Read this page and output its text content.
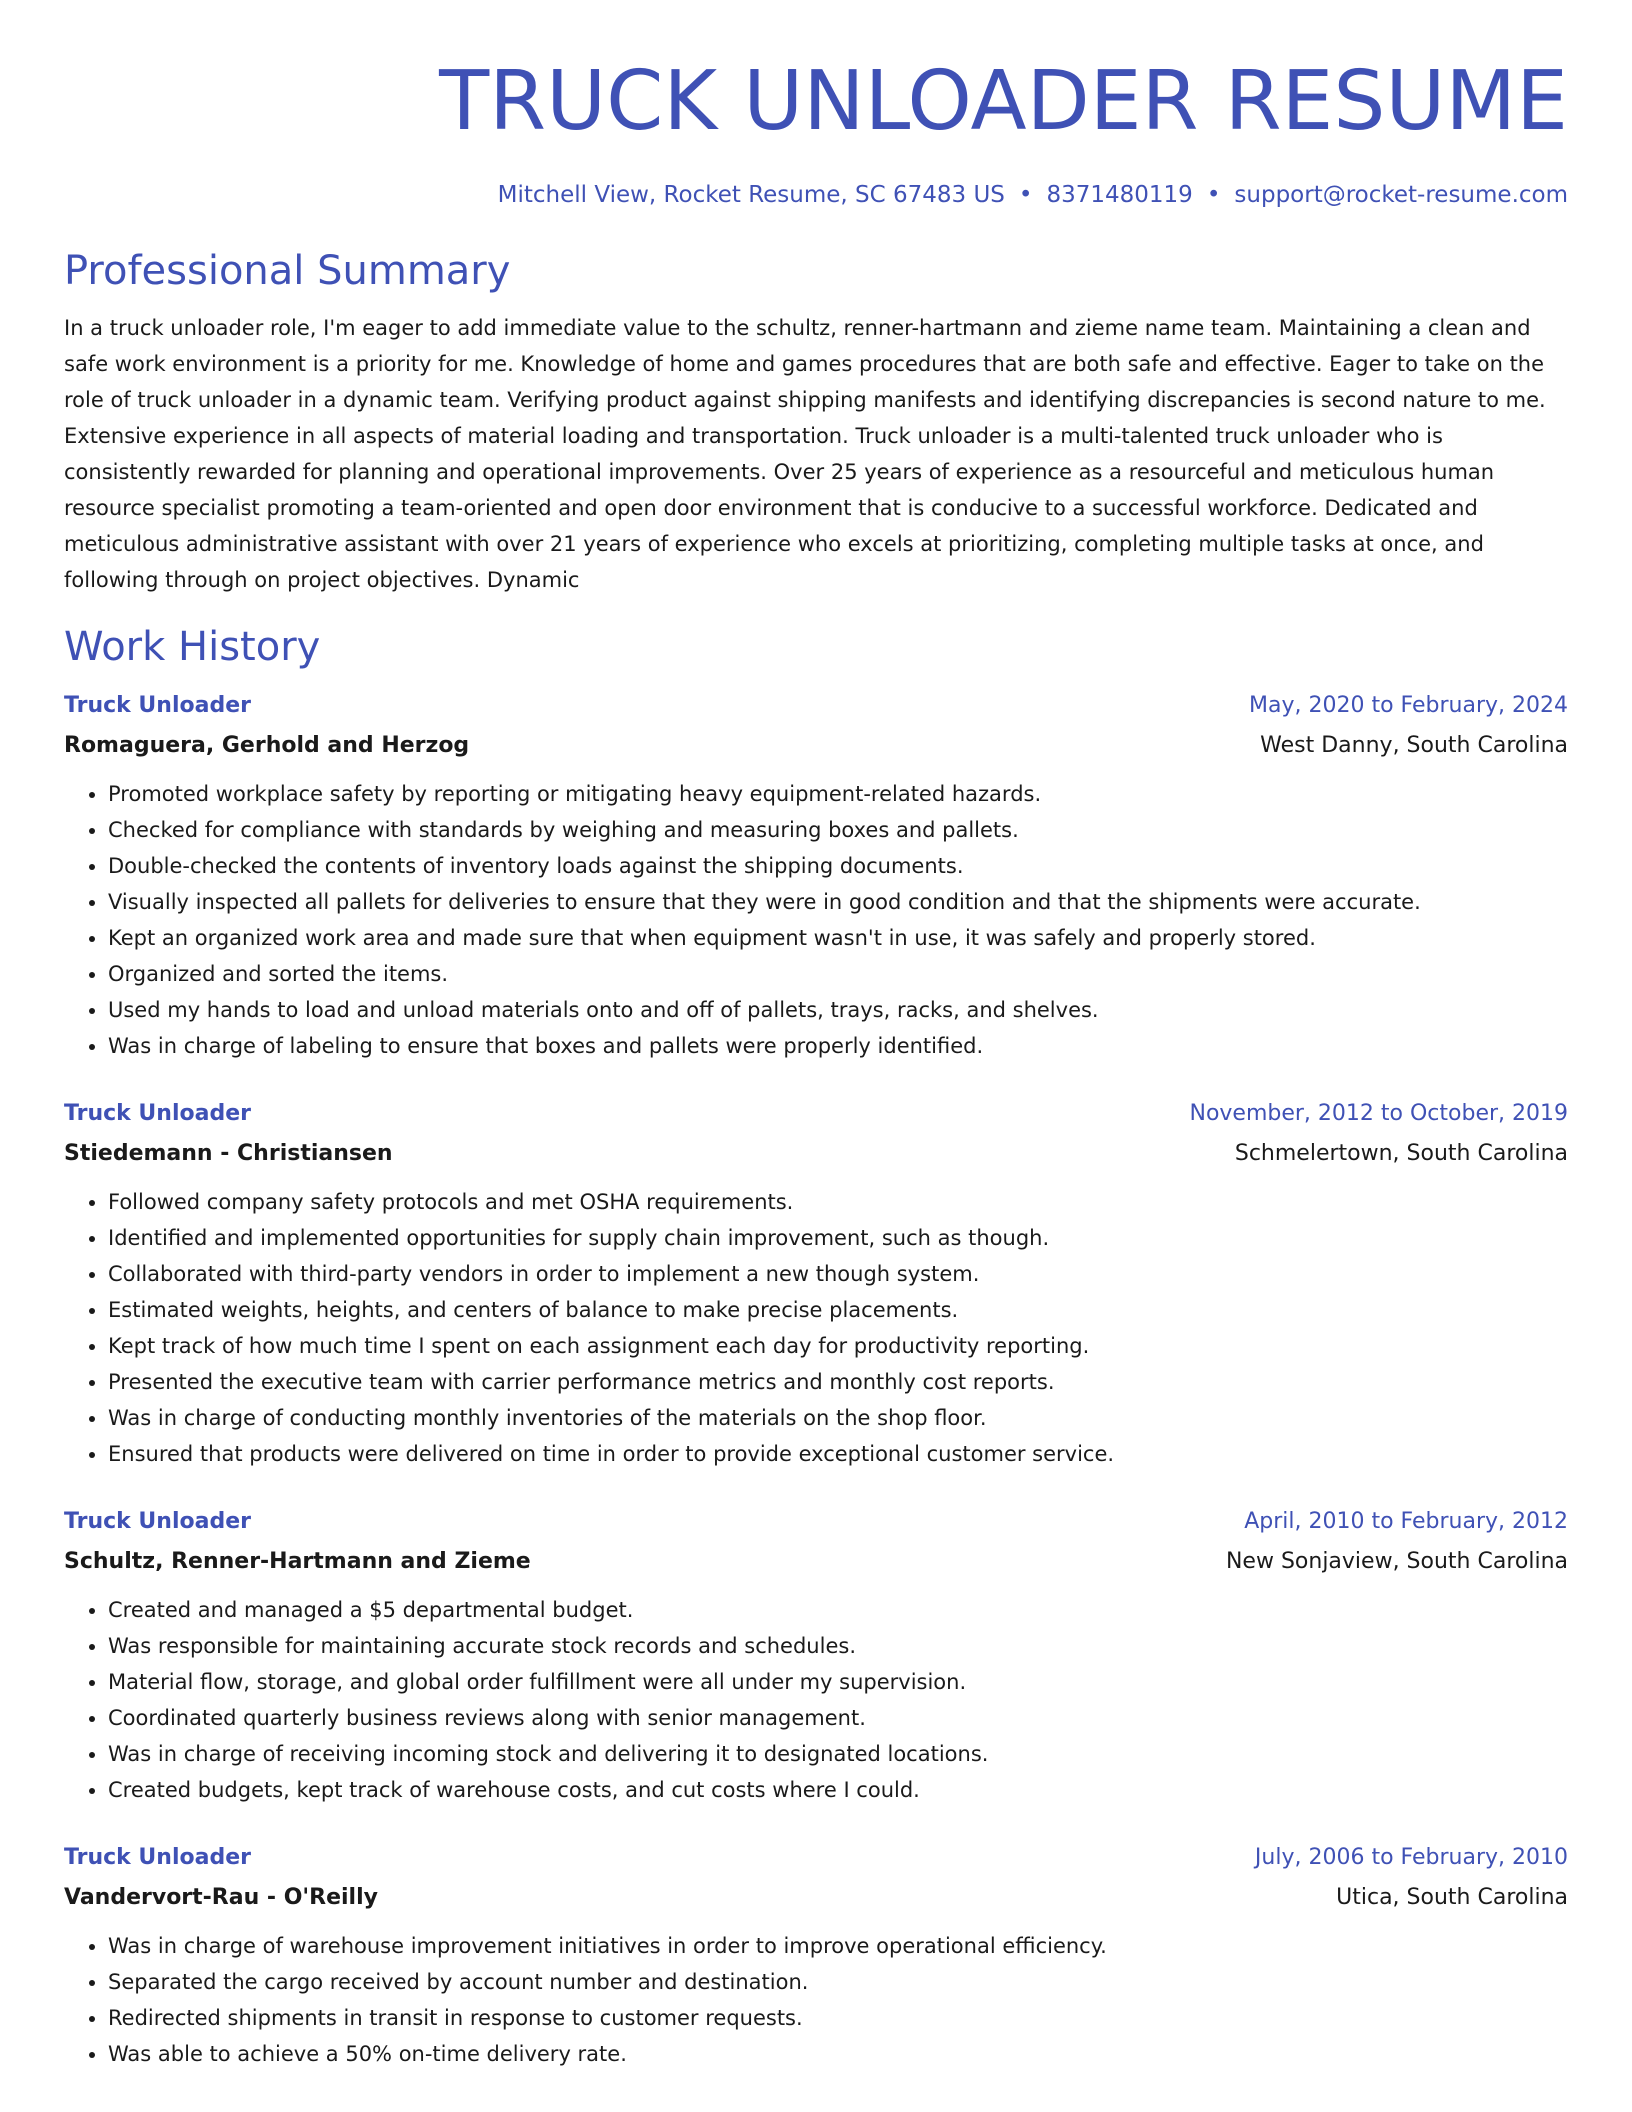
TRUCK UNLOADER RESUME
Mitchell View, Rocket Resume, SC 67483 US • 8371480119 • support@rocket-resume.com
Professional Summary

In a truck unloader role, I'm eager to add immediate value to the schultz, renner-hartmann and zieme name team. Maintaining a clean and safe work environment is a priority for me. Knowledge of home and games procedures that are both safe and effective. Eager to take on the role of truck unloader in a dynamic team. Verifying product against shipping manifests and identifying discrepancies is second nature to me. Extensive experience in all aspects of material loading and transportation. Truck unloader is a multi-talented truck unloader who is consistently rewarded for planning and operational improvements. Over 25 years of experience as a resourceful and meticulous human resource specialist promoting a team-oriented and open door environment that is conducive to a successful workforce. Dedicated and meticulous administrative assistant with over 21 years of experience who excels at prioritizing, completing multiple tasks at once, and following through on project objectives. Dynamic

Work History
Truck Unloader	May, 2020 to February, 2024
Romaguera, Gerhold and Herzog	West Danny, South Carolina
• Promoted workplace safety by reporting or mitigating heavy equipment-related hazards.
• Checked for compliance with standards by weighing and measuring boxes and pallets.
• Double-checked the contents of inventory loads against the shipping documents.
• Visually inspected all pallets for deliveries to ensure that they were in good condition and that the shipments were accurate.
• Kept an organized work area and made sure that when equipment wasn't in use, it was safely and properly stored.
• Organized and sorted the items.
• Used my hands to load and unload materials onto and off of pallets, trays, racks, and shelves.
• Was in charge of labeling to ensure that boxes and pallets were properly identified.
Truck Unloader	November, 2012 to October, 2019
Stiedemann - Christiansen	Schmelertown, South Carolina
• Followed company safety protocols and met OSHA requirements.
• Identified and implemented opportunities for supply chain improvement, such as though.
• Collaborated with third-party vendors in order to implement a new though system.
• Estimated weights, heights, and centers of balance to make precise placements.
• Kept track of how much time I spent on each assignment each day for productivity reporting.
• Presented the executive team with carrier performance metrics and monthly cost reports.
• Was in charge of conducting monthly inventories of the materials on the shop floor.
• Ensured that products were delivered on time in order to provide exceptional customer service.
Truck Unloader	April, 2010 to February, 2012
Schultz, Renner-Hartmann and Zieme	New Sonjaview, South Carolina
• Created and managed a $5 departmental budget.
• Was responsible for maintaining accurate stock records and schedules.
• Material flow, storage, and global order fulfillment were all under my supervision.
• Coordinated quarterly business reviews along with senior management.
• Was in charge of receiving incoming stock and delivering it to designated locations.
• Created budgets, kept track of warehouse costs, and cut costs where I could.
Truck Unloader	July, 2006 to February, 2010
Vandervort-Rau - O'Reilly	Utica, South Carolina
• Was in charge of warehouse improvement initiatives in order to improve operational efficiency.
• Separated the cargo received by account number and destination.
• Redirected shipments in transit in response to customer requests.
• Was able to achieve a 50% on-time delivery rate.
